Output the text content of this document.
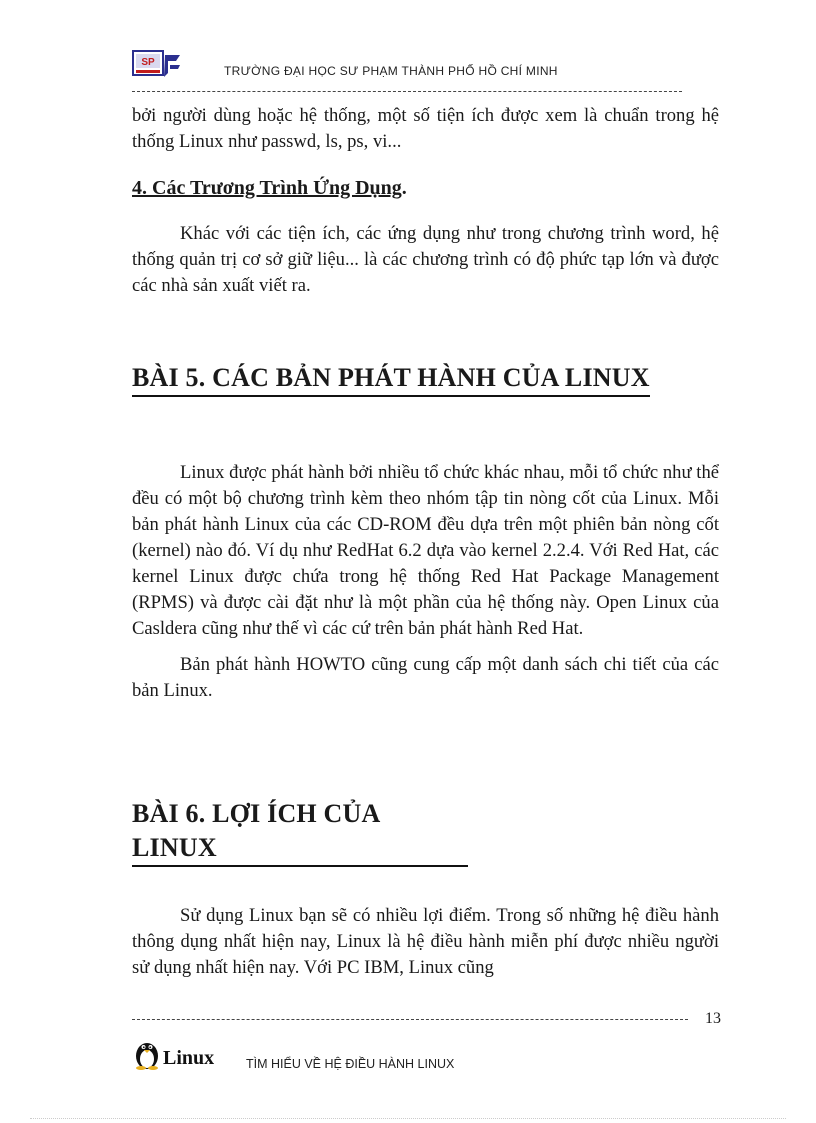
SP
TRƯỜNG ĐẠI HỌC SƯ PHẠM THÀNH PHỐ HỒ CHÍ MINH

bởi người dùng hoặc hệ thống, một số tiện ích được xem là chuẩn trong hệ thống Linux như passwd, ls, ps, vi...

4. Các Trương Trình Ứng Dụng.

Khác với các tiện ích, các ứng dụng như trong chương trình word, hệ thống quản trị cơ sở giữ liệu... là các chương trình có độ phức tạp lớn và được các nhà sản xuất viết ra.

BÀI 5. CÁC BẢN PHÁT HÀNH CỦA LINUX

Linux được phát hành bởi nhiều tổ chức khác nhau, mỗi tổ chức như thể đều có một bộ chương trình kèm theo nhóm tập tin nòng cốt của Linux. Mỗi bản phát hành Linux của các CD-ROM đều dựa trên một phiên bản nòng cốt (kernel) nào đó. Ví dụ như RedHat 6.2 dựa vào kernel 2.2.4. Với Red Hat, các kernel Linux được chứa trong hệ thống Red Hat Package Management (RPMS) và được cài đặt như là một phần của hệ thống này. Open Linux của Casldera cũng như thế vì các cứ trên bản phát hành Red Hat.

Bản phát hành HOWTO cũng cung cấp một danh sách chi tiết của các bản Linux.

BÀI 6. LỢI ÍCH CỦA LINUX

Sử dụng Linux bạn sẽ có nhiều lợi điểm. Trong số những hệ điều hành thông dụng nhất hiện nay, Linux là hệ điều hành miễn phí được nhiều người sử dụng nhất hiện nay. Với PC IBM, Linux cũng

13
Linux	TÌM HIỂU VỀ HỆ ĐIỀU HÀNH LINUX
